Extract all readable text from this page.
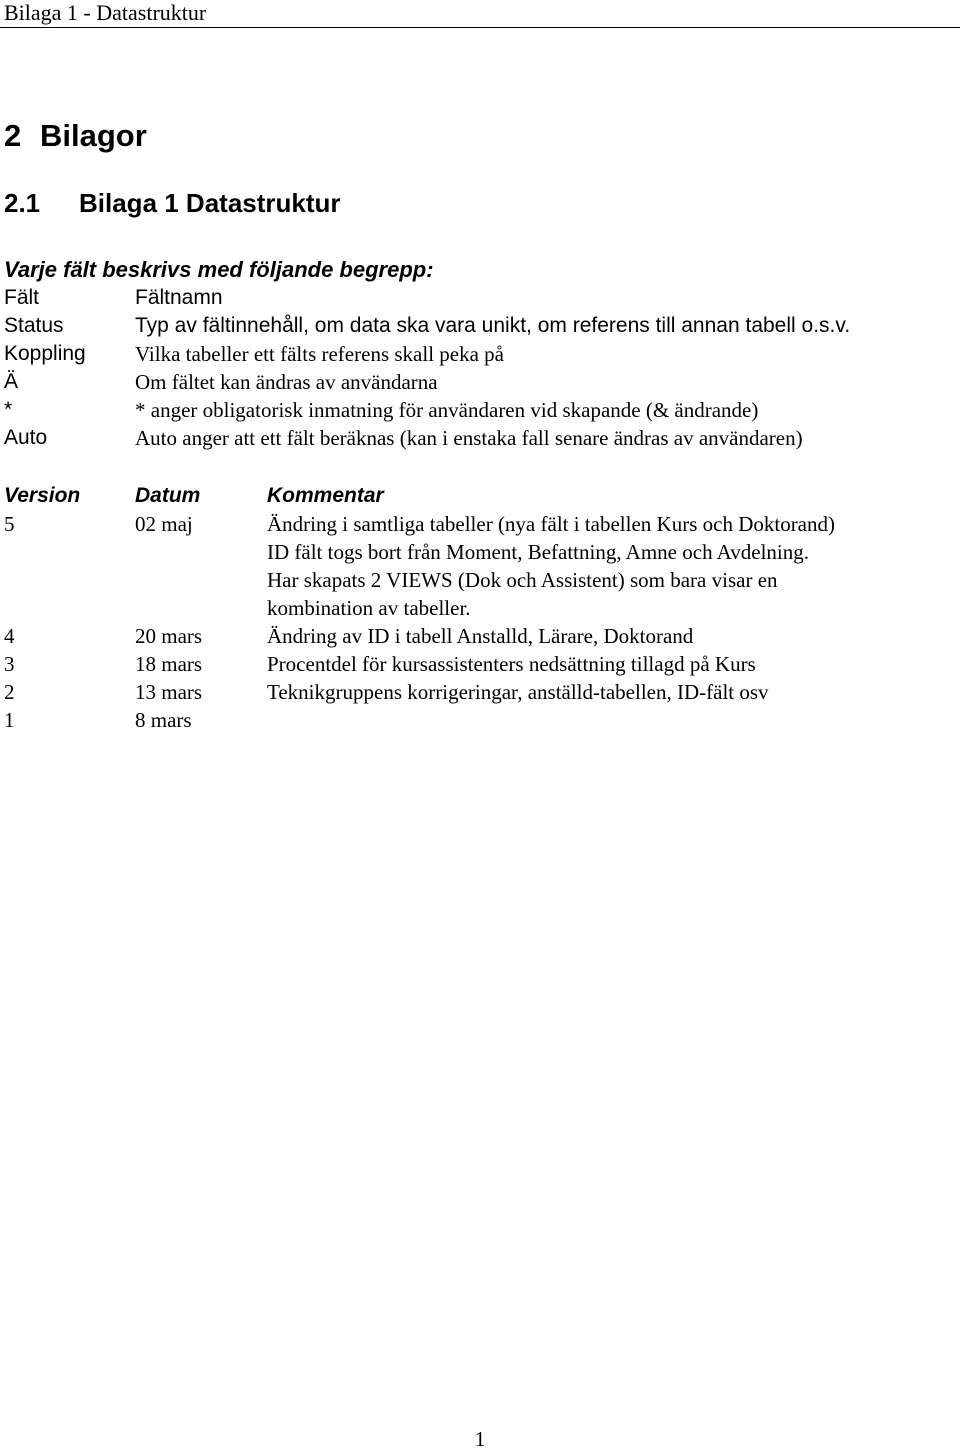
Bilaga 1 - Datastruktur
2 Bilagor
2.1 Bilaga 1 Datastruktur
Varje fält beskrivs med följande begrepp:
Fält	Fältnamn
Status	Typ av fältinnehåll, om data ska vara unikt, om referens till annan tabell o.s.v.
Koppling Vilka tabeller ett fälts referens skall peka på
Ä	Om fältet kan ändras av användarna
*	* anger obligatorisk inmatning för användaren vid skapande (& ändrande)
Auto	Auto anger att ett fält beräknas (kan i enstaka fall senare ändras av användaren)
Version	Datum	Kommentar
5	02 maj	Ändring i samtliga tabeller (nya fält i tabellen Kurs och Doktorand)
ID fält togs bort från Moment, Befattning, Amne och Avdelning.
Har skapats 2 VIEWS (Dok och Assistent) som bara visar en
kombination av tabeller.
4	20 mars	Ändring av ID i tabell Anstalld, Lärare, Doktorand
3	18 mars	Procentdel för kursassistenters nedsättning tillagd på Kurs
2	13 mars	Teknikgruppens korrigeringar, anställd-tabellen, ID-fält osv
1	8 mars
1
